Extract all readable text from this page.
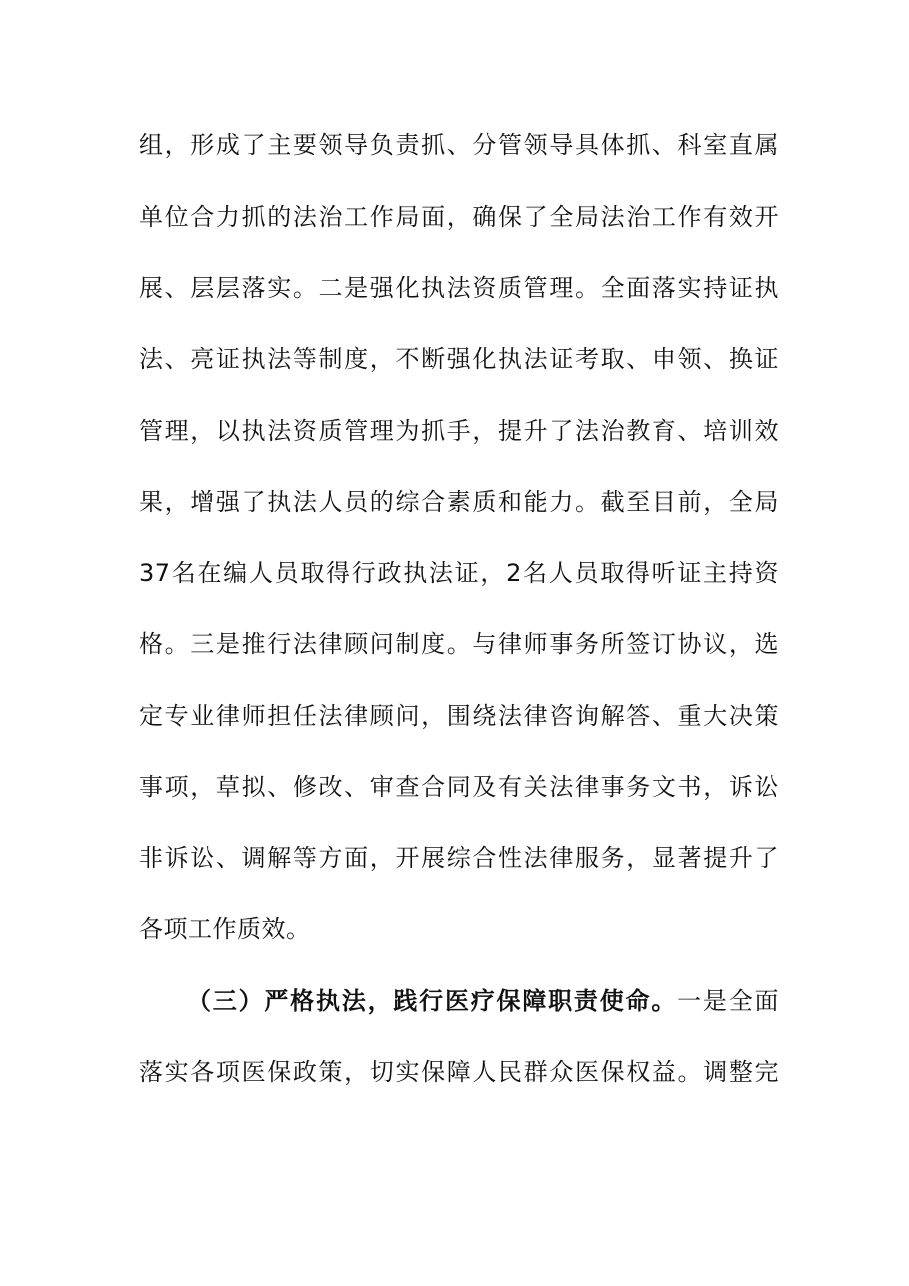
组，形成了主要领导负责抓、分管领导具体抓、科室直属
单位合力抓的法治工作局面，确保了全局法治工作有效开
展、层层落实。二是强化执法资质管理。全面落实持证执
法、亮证执法等制度，不断强化执法证考取、申领、换证
管理，以执法资质管理为抓手，提升了法治教育、培训效
果，增强了执法人员的综合素质和能力。截至目前，全局
37名在编人员取得行政执法证，2名人员取得听证主持资
格。三是推行法律顾问制度。与律师事务所签订协议，选
定专业律师担任法律顾问，围绕法律咨询解答、重大决策
事项，草拟、修改、审查合同及有关法律事务文书，诉讼
非诉讼、调解等方面，开展综合性法律服务，显著提升了
各项工作质效。
（三）严格执法，践行医疗保障职责使命。一是全面
落实各项医保政策，切实保障人民群众医保权益。调整完
